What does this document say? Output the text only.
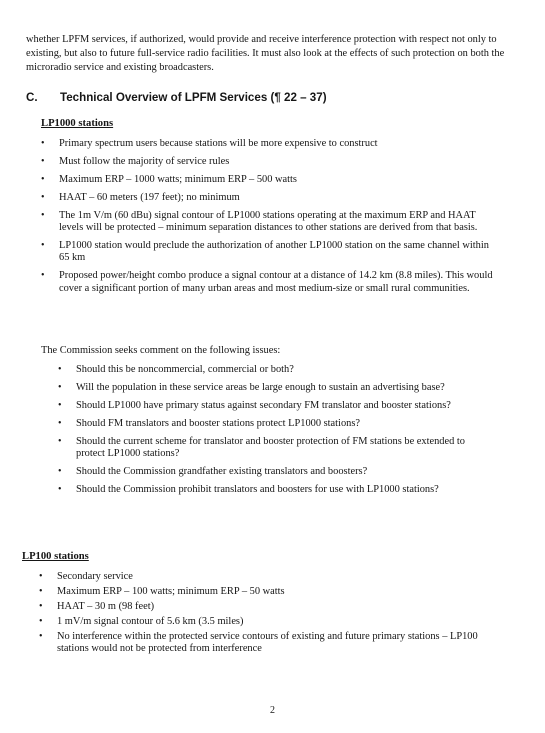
whether LPFM services, if authorized, would provide and receive interference protection with respect not only to existing, but also to future full-service radio facilities. It must also look at the effects of such protection on both the microradio service and existing broadcasters.

C. Technical Overview of LPFM Services (¶ 22 – 37)
LP1000 stations
• Primary spectrum users because stations will be more expensive to construct
• Must follow the majority of service rules
• Maximum ERP – 1000 watts; minimum ERP – 500 watts
• HAAT – 60 meters (197 feet); no minimum
• The 1m V/m (60 dBu) signal contour of LP1000 stations operating at the maximum ERP and HAAT levels will be protected – minimum separation distances to other stations are derived from that basis.
• LP1000 station would preclude the authorization of another LP1000 station on the same channel within 65 km
• Proposed power/height combo produce a signal contour at a distance of 14.2 km (8.8 miles). This would cover a significant portion of many urban areas and most medium-size or small rural communities.

The Commission seeks comment on the following issues:

• Should this be noncommercial, commercial or both?
• Will the population in these service areas be large enough to sustain an advertising base?
• Should LP1000 have primary status against secondary FM translator and booster stations?
• Should FM translators and booster stations protect LP1000 stations?
• Should the current scheme for translator and booster protection of FM stations be extended to protect LP1000 stations?
• Should the Commission grandfather existing translators and boosters?
• Should the Commission prohibit translators and boosters for use with LP1000 stations?
LP100 stations
• Secondary service
• Maximum ERP – 100 watts; minimum ERP – 50 watts
• HAAT – 30 m (98 feet)
• 1 mV/m signal contour of 5.6 km (3.5 miles)
• No interference within the protected service contours of existing and future primary stations – LP100 stations would not be protected from interference

2
